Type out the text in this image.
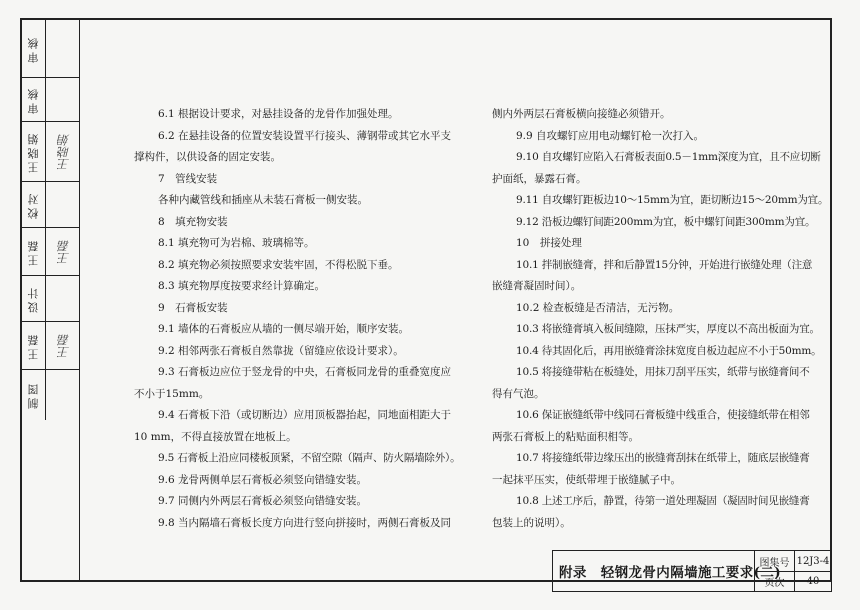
审核
审核
王晓娟 王晓娟
校对
王磊 王磊
设计
王磊 王磊
制图

6.1 根据设计要求，对悬挂设备的龙骨作加强处理。

6.2 在悬挂设备的位置安装设置平行接头、薄钢带或其它水平支

撑构件，以供设备的固定安装。

7　管线安装

各种内藏管线和插座从未装石膏板一侧安装。

8　填充物安装

8.1 填充物可为岩棉、玻璃棉等。

8.2 填充物必须按照要求安装牢固，不得松脱下垂。

8.3 填充物厚度按要求经计算确定。

9　石膏板安装

9.1 墙体的石膏板应从墙的一侧尽端开始，顺序安装。

9.2 相邻两张石膏板自然靠拢（留缝应依设计要求）。

9.3 石膏板边应位于竖龙骨的中央，石膏板同龙骨的重叠宽度应

不小于15mm。

9.4 石膏板下沿（或切断边）应用顶板器抬起，同地面相距大于

10 mm，不得直接放置在地板上。

9.5 石膏板上沿应同楼板顶紧，不留空隙（隔声、防火隔墙除外）。

9.6 龙骨两侧单层石膏板必须竖向错缝安装。

9.7 同侧内外两层石膏板必须竖向错缝安装。

9.8 当内隔墙石膏板长度方向进行竖向拼接时，两侧石膏板及同

侧内外两层石膏板横向接缝必须错开。

9.9 自攻螺钉应用电动螺钉枪一次打入。

9.10 自攻螺钉应陷入石膏板表面0.5－1mm深度为宜，且不应切断

护面纸，暴露石膏。

9.11 自攻螺钉距板边10～15mm为宜，距切断边15～20mm为宜。

9.12 沿板边螺钉间距200mm为宜，板中螺钉间距300mm为宜。

10　拼接处理

10.1 拌制嵌缝膏，拌和后静置15分钟，开始进行嵌缝处理（注意

嵌缝膏凝固时间）。

10.2 检查板缝是否清洁，无污物。

10.3 将嵌缝膏填入板间缝隙，压抹严实，厚度以不高出板面为宜。

10.4 待其固化后，再用嵌缝膏涂抹宽度自板边起应不小于50mm。

10.5 将接缝带粘在板缝处，用抹刀刮平压实，纸带与嵌缝膏间不

得有气泡。

10.6 保证嵌缝纸带中线同石膏板缝中线重合，使接缝纸带在相邻

两张石膏板上的粘贴面积相等。

10.7 将接缝纸带边缘压出的嵌缝膏刮抹在纸带上，随底层嵌缝膏

一起抹平压实，使纸带埋于嵌缝腻子中。

10.8 上述工序后，静置，待第一道处理凝固（凝固时间见嵌缝膏

包装上的说明）。

附录　轻钢龙骨内隔墙施工要求(二)
图集号 12J3-4
页次	40
